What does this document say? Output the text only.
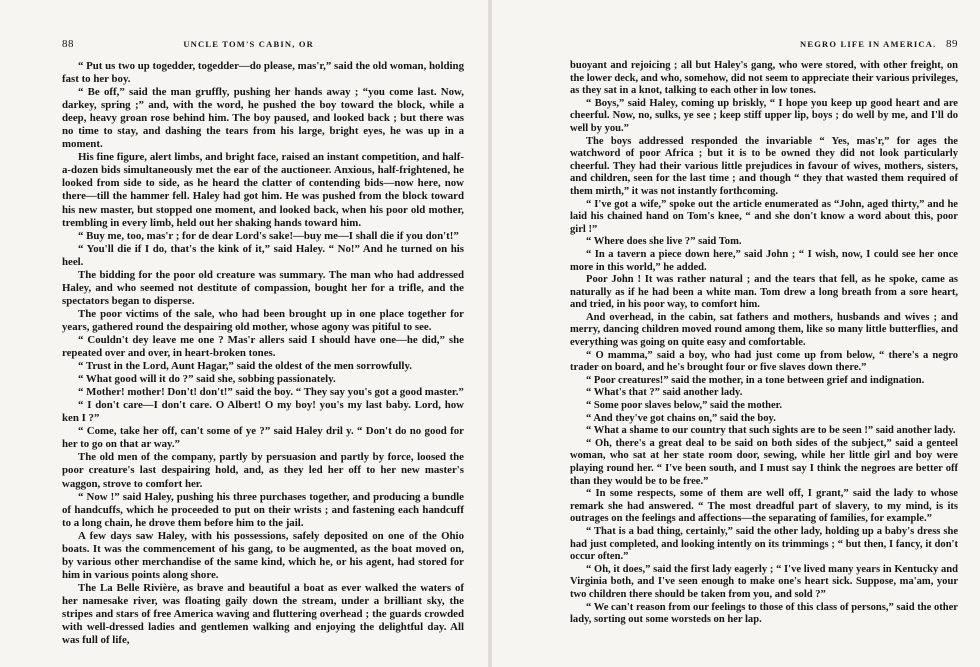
88	UNCLE TOM'S CABIN, OR

“ Put us two up togedder, togedder—do please, mas'r,” said the old woman, holding fast to her boy.

“ Be off,” said the man gruffly, pushing her hands away ; “you come last. Now, darkey, spring ;” and, with the word, he pushed the boy toward the block, while a deep, heavy groan rose behind him. The boy paused, and looked back ; but there was no time to stay, and dashing the tears from his large, bright eyes, he was up in a moment.

His fine figure, alert limbs, and bright face, raised an instant competition, and half-a-dozen bids simultaneously met the ear of the auctioneer. Anxious, half-frightened, he looked from side to side, as he heard the clatter of contending bids—now here, now there—till the hammer fell. Haley had got him. He was pushed from the block toward his new master, but stopped one moment, and looked back, when his poor old mother, trembling in every limb, held out her shaking hands toward him.

“ Buy me, too, mas'r ; for de dear Lord's sake!—buy me—I shall die if you don't!”

“ You'll die if I do, that's the kink of it,” said Haley. “ No!” And he turned on his heel.

The bidding for the poor old creature was summary. The man who had addressed Haley, and who seemed not destitute of compassion, bought her for a trifle, and the spectators began to disperse.

The poor victims of the sale, who had been brought up in one place together for years, gathered round the despairing old mother, whose agony was pitiful to see.

“ Couldn't dey leave me one ? Mas'r allers said I should have one—he did,” she repeated over and over, in heart-broken tones.

“ Trust in the Lord, Aunt Hagar,” said the oldest of the men sorrowfully.

“ What good will it do ?” said she, sobbing passionately.

“ Mother! mother! Don't! don't!” said the boy. “ They say you's got a good master.”

“ I don't care—I don't care. O Albert! O my boy! you's my last baby. Lord, how ken I ?”

“ Come, take her off, can't some of ye ?” said Haley dril y. “ Don't do no good for her to go on that ar way.”

The old men of the company, partly by persuasion and partly by force, loosed the poor creature's last despairing hold, and, as they led her off to her new master's waggon, strove to comfort her.

“ Now !” said Haley, pushing his three purchases together, and producing a bundle of handcuffs, which he proceeded to put on their wrists ; and fastening each handcuff to a long chain, he drove them before him to the jail.

A few days saw Haley, with his possessions, safely deposited on one of the Ohio boats. It was the commencement of his gang, to be augmented, as the boat moved on, by various other merchandise of the same kind, which he, or his agent, had stored for him in various points along shore.

The La Belle Rivière, as brave and beautiful a boat as ever walked the waters of her namesake river, was floating gaily down the stream, under a brilliant sky, the stripes and stars of free America waving and fluttering overhead ; the guards crowded with well-dressed ladies and gentlemen walking and enjoying the delightful day. All was full of life,

NEGRO LIFE IN AMERICA. 89

buoyant and rejoicing ; all but Haley's gang, who were stored, with other freight, on the lower deck, and who, somehow, did not seem to appreciate their various privileges, as they sat in a knot, talking to each other in low tones.

“ Boys,” said Haley, coming up briskly, “ I hope you keep up good heart and are cheerful. Now, no, sulks, ye see ; keep stiff upper lip, boys ; do well by me, and I'll do well by you.”

The boys addressed responded the invariable “ Yes, mas'r,” for ages the watchword of poor Africa ; but it is to be owned they did not look particularly cheerful. They had their various little prejudices in favour of wives, mothers, sisters, and children, seen for the last time ; and though “ they that wasted them required of them mirth,” it was not instantly forthcoming.

“ I've got a wife,” spoke out the article enumerated as “John, aged thirty,” and he laid his chained hand on Tom's knee, “ and she don't know a word about this, poor girl !”

“ Where does she live ?” said Tom.

“ In a tavern a piece down here,” said John ; “ I wish, now, I could see her once more in this world,” he added.

Poor John ! It was rather natural ; and the tears that fell, as he spoke, came as naturally as if he had been a white man. Tom drew a long breath from a sore heart, and tried, in his poor way, to comfort him.

And overhead, in the cabin, sat fathers and mothers, husbands and wives ; and merry, dancing children moved round among them, like so many little butterflies, and everything was going on quite easy and comfortable.

“ O mamma,” said a boy, who had just come up from below, “ there's a negro trader on board, and he's brought four or five slaves down there.”

“ Poor creatures!” said the mother, in a tone between grief and indignation.

“ What's that ?” said another lady.

“ Some poor slaves below,” said the mother.

“ And they've got chains on,” said the boy.

“ What a shame to our country that such sights are to be seen !” said another lady.

“ Oh, there's a great deal to be said on both sides of the subject,” said a genteel woman, who sat at her state room door, sewing, while her little girl and boy were playing round her. “ I've been south, and I must say I think the negroes are better off than they would be to be free.”

“ In some respects, some of them are well off, I grant,” said the lady to whose remark she had answered. “ The most dreadful part of slavery, to my mind, is its outrages on the feelings and affections—the separating of families, for example.”

“ That is a bad thing, certainly,” said the other lady, holding up a baby's dress she had just completed, and looking intently on its trimmings ; “ but then, I fancy, it don't occur often.”

“ Oh, it does,” said the first lady eagerly ; “ I've lived many years in Kentucky and Virginia both, and I've seen enough to make one's heart sick. Suppose, ma'am, your two children there should be taken from you, and sold ?”

“ We can't reason from our feelings to those of this class of persons,” said the other lady, sorting out some worsteds on her lap.
